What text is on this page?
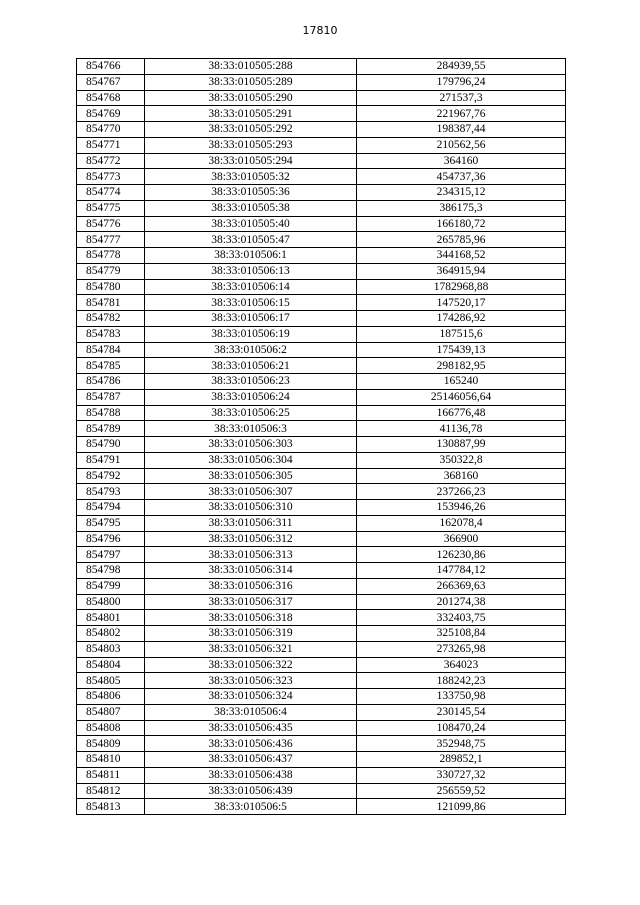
17810
854766	38:33:010505:288	284939,55
854767	38:33:010505:289	179796,24
854768	38:33:010505:290	271537,3
854769	38:33:010505:291	221967,76
854770	38:33:010505:292	198387,44
854771	38:33:010505:293	210562,56
854772	38:33:010505:294	364160
854773	38:33:010505:32	454737,36
854774	38:33:010505:36	234315,12
854775	38:33:010505:38	386175,3
854776	38:33:010505:40	166180,72
854777	38:33:010505:47	265785,96
854778	38:33:010506:1	344168,52
854779	38:33:010506:13	364915,94
854780	38:33:010506:14	1782968,88
854781	38:33:010506:15	147520,17
854782	38:33:010506:17	174286,92
854783	38:33:010506:19	187515,6
854784	38:33:010506:2	175439,13
854785	38:33:010506:21	298182,95
854786	38:33:010506:23	165240
854787	38:33:010506:24	25146056,64
854788	38:33:010506:25	166776,48
854789	38:33:010506:3	41136,78
854790	38:33:010506:303	130887,99
854791	38:33:010506:304	350322,8
854792	38:33:010506:305	368160
854793	38:33:010506:307	237266,23
854794	38:33:010506:310	153946,26
854795	38:33:010506:311	162078,4
854796	38:33:010506:312	366900
854797	38:33:010506:313	126230,86
854798	38:33:010506:314	147784,12
854799	38:33:010506:316	266369,63
854800	38:33:010506:317	201274,38
854801	38:33:010506:318	332403,75
854802	38:33:010506:319	325108,84
854803	38:33:010506:321	273265,98
854804	38:33:010506:322	364023
854805	38:33:010506:323	188242,23
854806	38:33:010506:324	133750,98
854807	38:33:010506:4	230145,54
854808	38:33:010506:435	108470,24
854809	38:33:010506:436	352948,75
854810	38:33:010506:437	289852,1
854811	38:33:010506:438	330727,32
854812	38:33:010506:439	256559,52
854813	38:33:010506:5	121099,86
